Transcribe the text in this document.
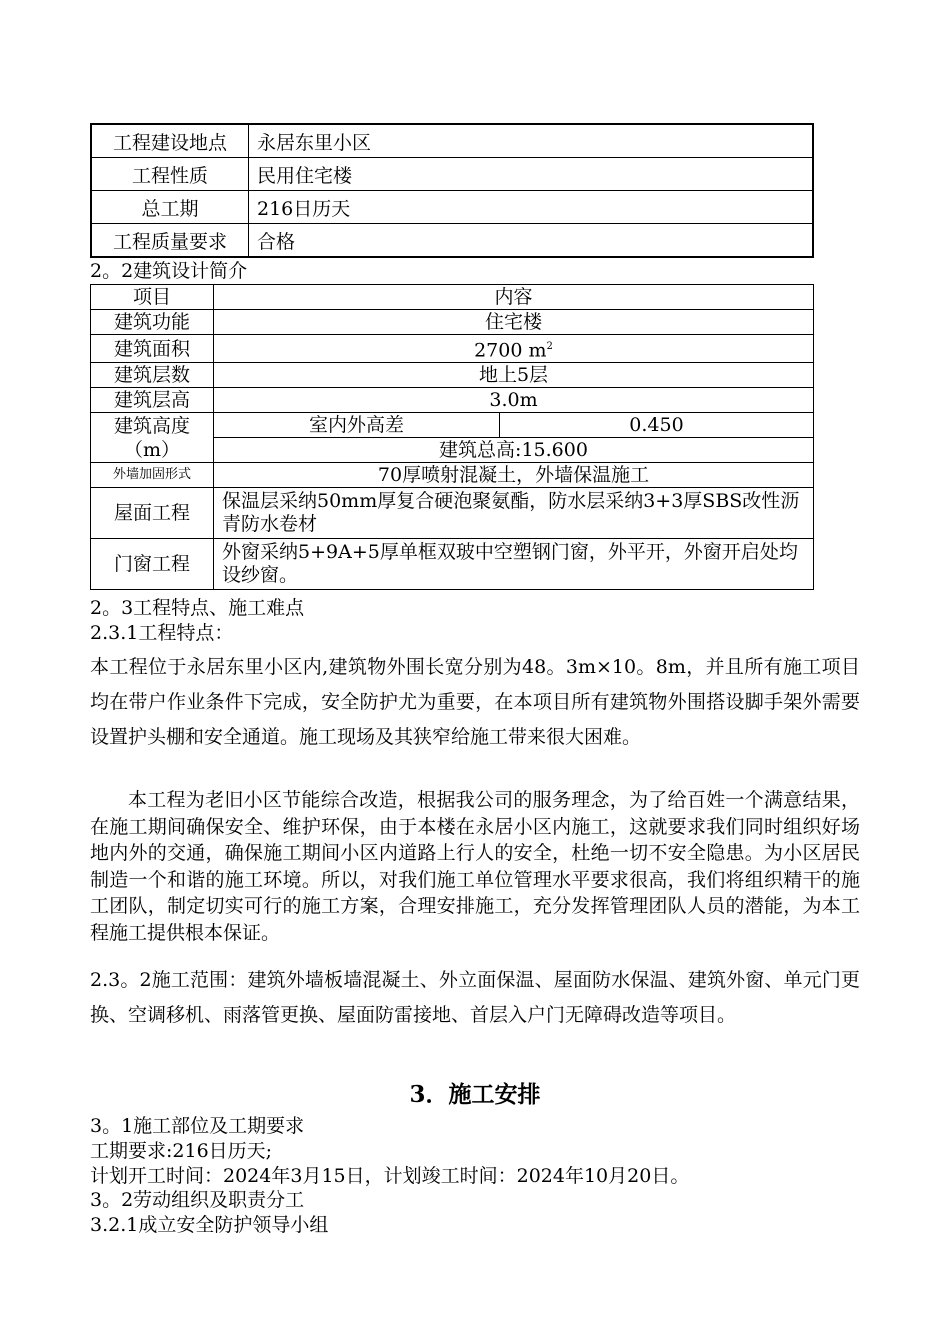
工程建设地点	永居东里小区
工程性质	民用住宅楼
总工期	216日历天
工程质量要求	合格
2。2建筑设计简介
项目	内容	
建筑功能	住宅楼	
建筑面积	2700 $m^2$
建筑层数	地上5层	
建筑层高	3.0m	

建筑高度
（m）	室内外高差	0.450
	建筑总高:15.600	
外墙加固形式	70厚喷射混凝土，外墙保温施工	
屋面工程	保温层采纳50mm厚复合硬泡聚氨酯，防水层采纳3+3厚SBS改性沥青防水卷材	
门窗工程	外窗采纳5+9A+5厚单框双玻中空塑钢门窗，外平开，外窗开启处均设纱窗。	
2。3工程特点、施工难点
2.3.1工程特点：
本工程位于永居东里小区内,建筑物外围长宽分别为48。3m×10。8m，并且所有施工项目均在带户作业条件下完成，安全防护尤为重要，在本项目所有建筑物外围搭设脚手架外需要设置护头棚和安全通道。施工现场及其狭窄给施工带来很大困难。
本工程为老旧小区节能综合改造，根据我公司的服务理念，为了给百姓一个满意结果，在施工期间确保安全、维护环保，由于本楼在永居小区内施工，这就要求我们同时组织好场地内外的交通，确保施工期间小区内道路上行人的安全，杜绝一切不安全隐患。为小区居民制造一个和谐的施工环境。所以，对我们施工单位管理水平要求很高，我们将组织精干的施工团队，制定切实可行的施工方案，合理安排施工，充分发挥管理团队人员的潜能，为本工程施工提供根本保证。
2.3。2施工范围：建筑外墙板墙混凝土、外立面保温、屋面防水保温、建筑外窗、单元门更换、空调移机、雨落管更换、屋面防雷接地、首层入户门无障碍改造等项目。
3．施工安排
3。1施工部位及工期要求
工期要求:216日历天;
计划开工时间：2024年3月15日，计划竣工时间：2024年10月20日。
3。2劳动组织及职责分工
3.2.1成立安全防护领导小组
